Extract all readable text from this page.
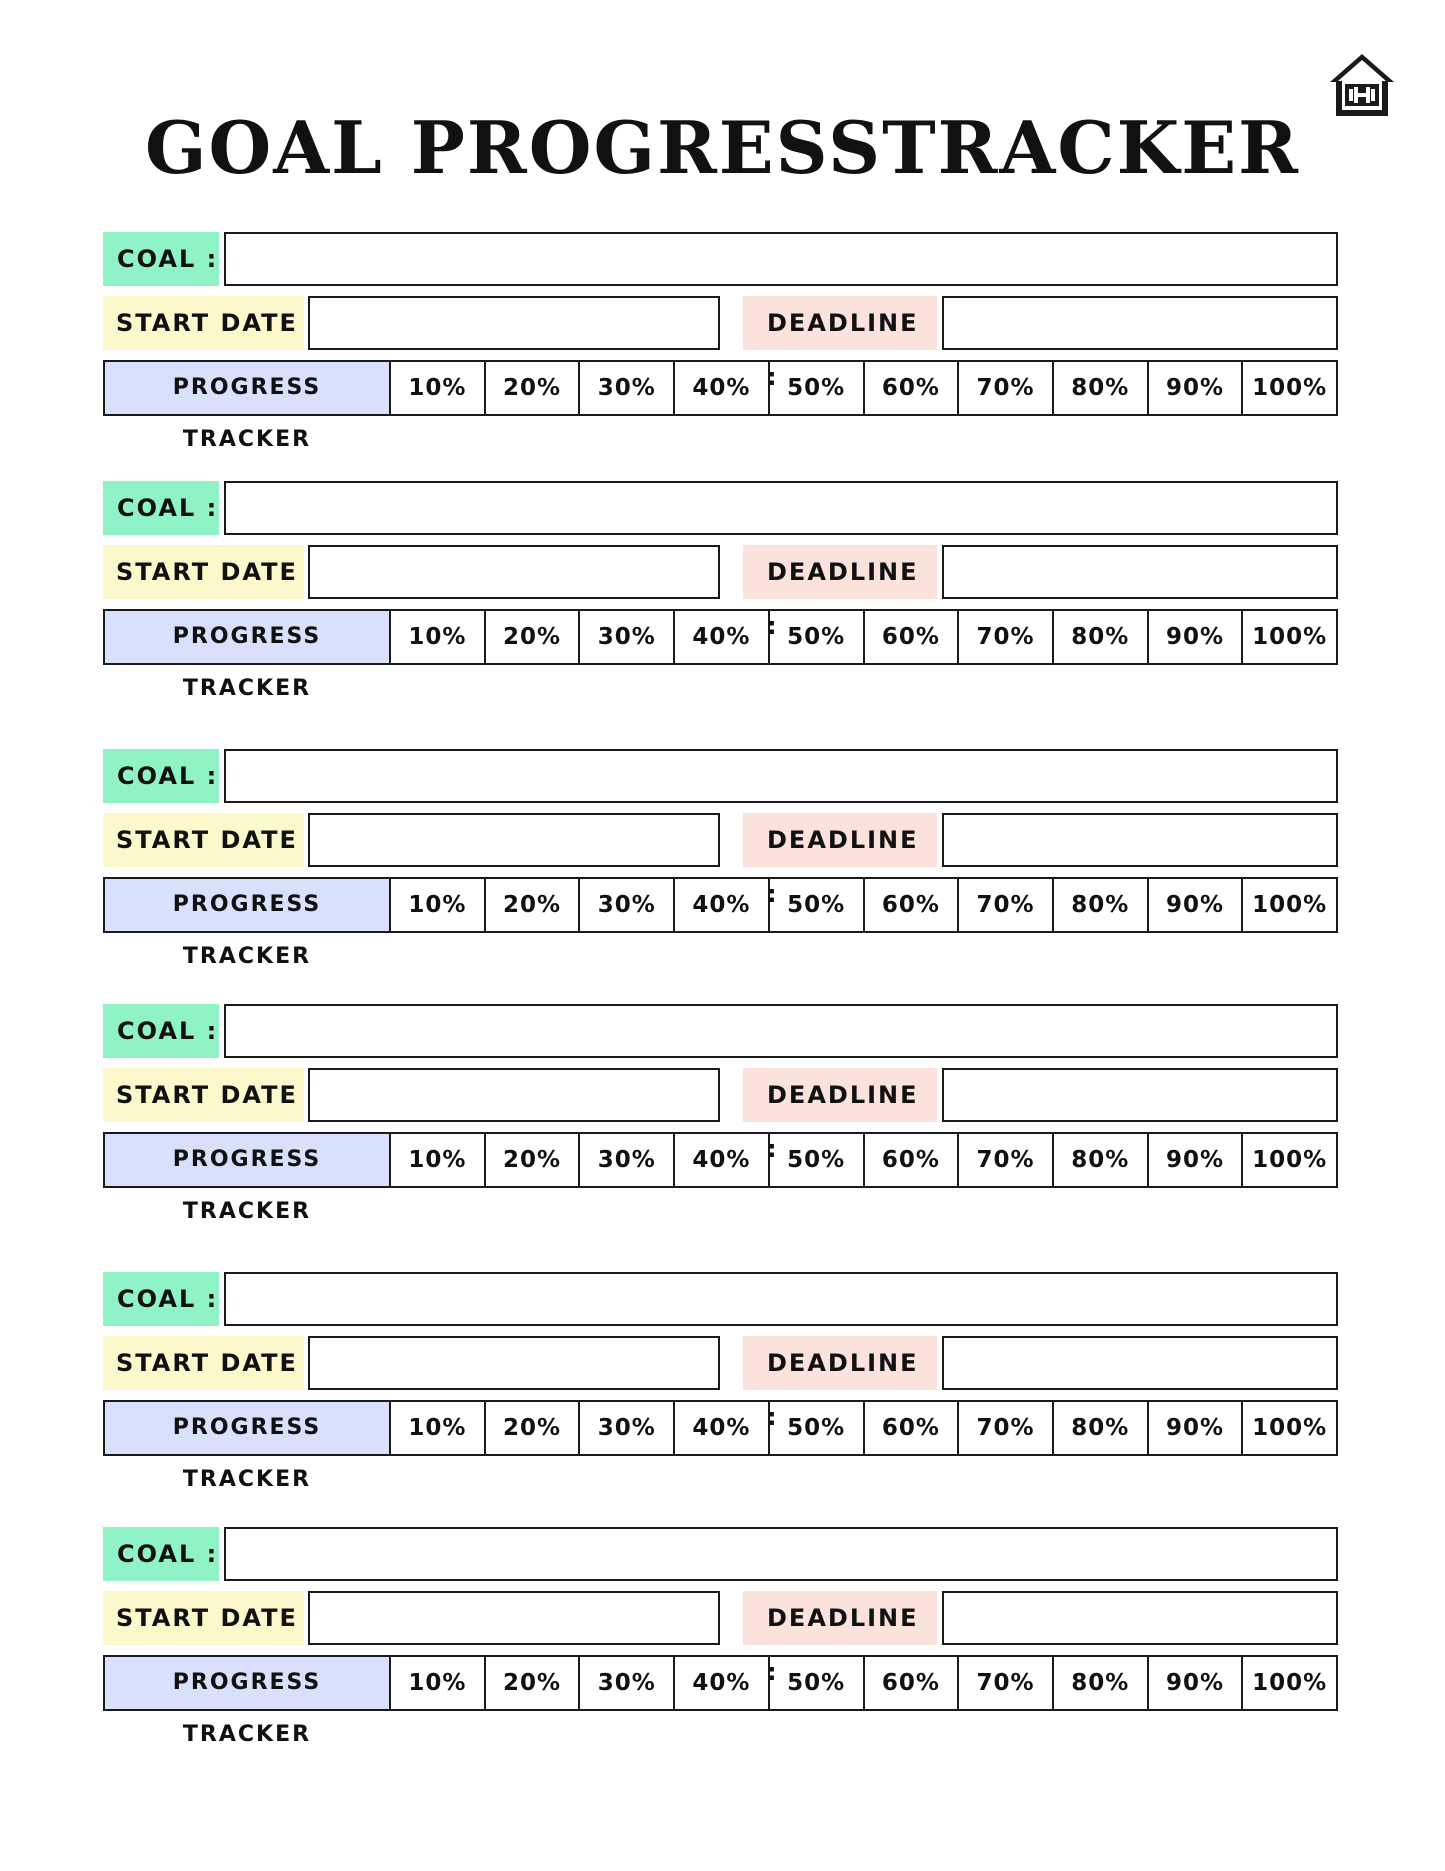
GOAL PROGRESSTRACKER
COAL :
START DATE	DEADLINE :
PROGRESS TRACKER
10%	20%	30%	40%	50%	60%	70%	80%	90%	100%
COAL :
START DATE	DEADLINE :
PROGRESS TRACKER
10%	20%	30%	40%	50%	60%	70%	80%	90%	100%
COAL :
START DATE	DEADLINE :
PROGRESS TRACKER
10%	20%	30%	40%	50%	60%	70%	80%	90%	100%
COAL :
START DATE	DEADLINE :
PROGRESS TRACKER
10%	20%	30%	40%	50%	60%	70%	80%	90%	100%
COAL :
START DATE	DEADLINE :
PROGRESS TRACKER
10%	20%	30%	40%	50%	60%	70%	80%	90%	100%
COAL :
START DATE	DEADLINE :
PROGRESS TRACKER
10%	20%	30%	40%	50%	60%	70%	80%	90%	100%
